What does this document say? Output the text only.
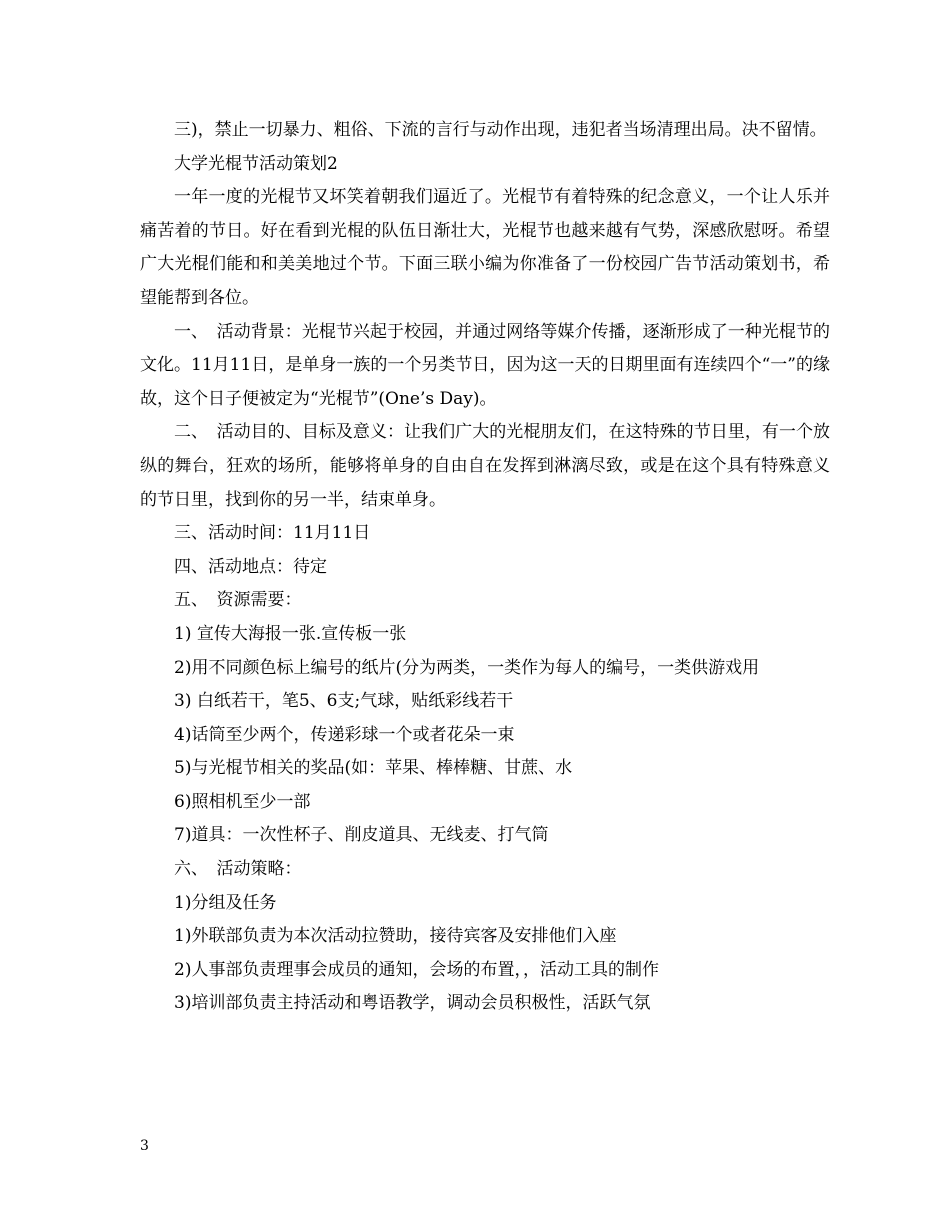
三)，禁止一切暴力、粗俗、下流的言行与动作出现，违犯者当场清理出局。决不留情。

大学光棍节活动策划2

一年一度的光棍节又坏笑着朝我们逼近了。光棍节有着特殊的纪念意义，一个让人乐并痛苦着的节日。好在看到光棍的队伍日渐壮大，光棍节也越来越有气势，深感欣慰呀。希望广大光棍们能和和美美地过个节。下面三联小编为你准备了一份校园广告节活动策划书，希望能帮到各位。

一、　活动背景：光棍节兴起于校园，并通过网络等媒介传播，逐渐形成了一种光棍节的文化。11月11日，是单身一族的一个另类节日，因为这一天的日期里面有连续四个“一”的缘故，这个日子便被定为“光棍节”(One’s Day)。

二、　活动目的、目标及意义：让我们广大的光棍朋友们，在这特殊的节日里，有一个放纵的舞台，狂欢的场所，能够将单身的自由自在发挥到淋漓尽致，或是在这个具有特殊意义的节日里，找到你的另一半，结束单身。

三、活动时间：11月11日

四、活动地点：待定

五、　资源需要：

1) 宣传大海报一张.宣传板一张

2)用不同颜色标上编号的纸片(分为两类，一类作为每人的编号，一类供游戏用

3) 白纸若干，笔5、6支;气球，贴纸彩线若干

4)话筒至少两个，传递彩球一个或者花朵一束

5)与光棍节相关的奖品(如：苹果、棒棒糖、甘蔗、水

6)照相机至少一部

7)道具：一次性杯子、削皮道具、无线麦、打气筒

六、　活动策略：

1)分组及任务

1)外联部负责为本次活动拉赞助，接待宾客及安排他们入座

2)人事部负责理事会成员的通知，会场的布置，，活动工具的制作

3)培训部负责主持活动和粤语教学，调动会员积极性，活跃气氛

3
